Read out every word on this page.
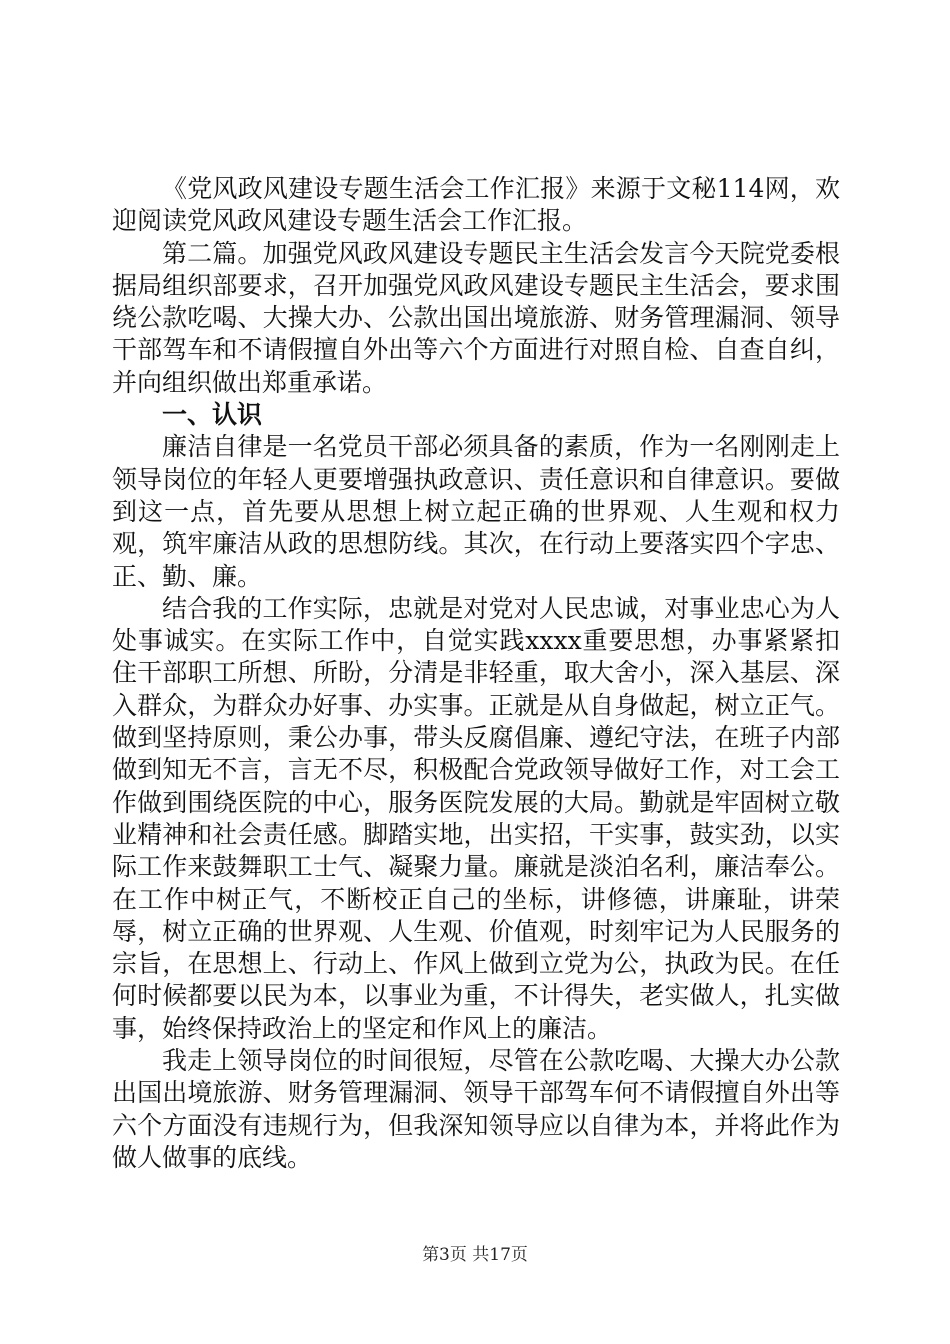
《党风政风建设专题生活会工作汇报》来源于文秘114网，欢迎阅读党风政风建设专题生活会工作汇报。

第二篇。加强党风政风建设专题民主生活会发言今天院党委根据局组织部要求，召开加强党风政风建设专题民主生活会，要求围绕公款吃喝、大操大办、公款出国出境旅游、财务管理漏洞、领导干部驾车和不请假擅自外出等六个方面进行对照自检、自查自纠，并向组织做出郑重承诺。

一、认识

廉洁自律是一名党员干部必须具备的素质，作为一名刚刚走上领导岗位的年轻人更要增强执政意识、责任意识和自律意识。要做到这一点，首先要从思想上树立起正确的世界观、人生观和权力观，筑牢廉洁从政的思想防线。其次，在行动上要落实四个字忠、正、勤、廉。

结合我的工作实际，忠就是对党对人民忠诚，对事业忠心为人处事诚实。在实际工作中，自觉实践xxxx重要思想，办事紧紧扣住干部职工所想、所盼，分清是非轻重，取大舍小，深入基层、深入群众，为群众办好事、办实事。正就是从自身做起，树立正气。做到坚持原则，秉公办事，带头反腐倡廉、遵纪守法，在班子内部做到知无不言，言无不尽，积极配合党政领导做好工作，对工会工作做到围绕医院的中心，服务医院发展的大局。勤就是牢固树立敬业精神和社会责任感。脚踏实地，出实招，干实事，鼓实劲，以实际工作来鼓舞职工士气、凝聚力量。廉就是淡泊名利，廉洁奉公。在工作中树正气，不断校正自己的坐标，讲修德，讲廉耻，讲荣辱，树立正确的世界观、人生观、价值观，时刻牢记为人民服务的宗旨，在思想上、行动上、作风上做到立党为公，执政为民。在任何时候都要以民为本，以事业为重，不计得失，老实做人，扎实做事，始终保持政治上的坚定和作风上的廉洁。

我走上领导岗位的时间很短，尽管在公款吃喝、大操大办公款出国出境旅游、财务管理漏洞、领导干部驾车何不请假擅自外出等六个方面没有违规行为，但我深知领导应以自律为本，并将此作为做人做事的底线。

第3页 共17页
